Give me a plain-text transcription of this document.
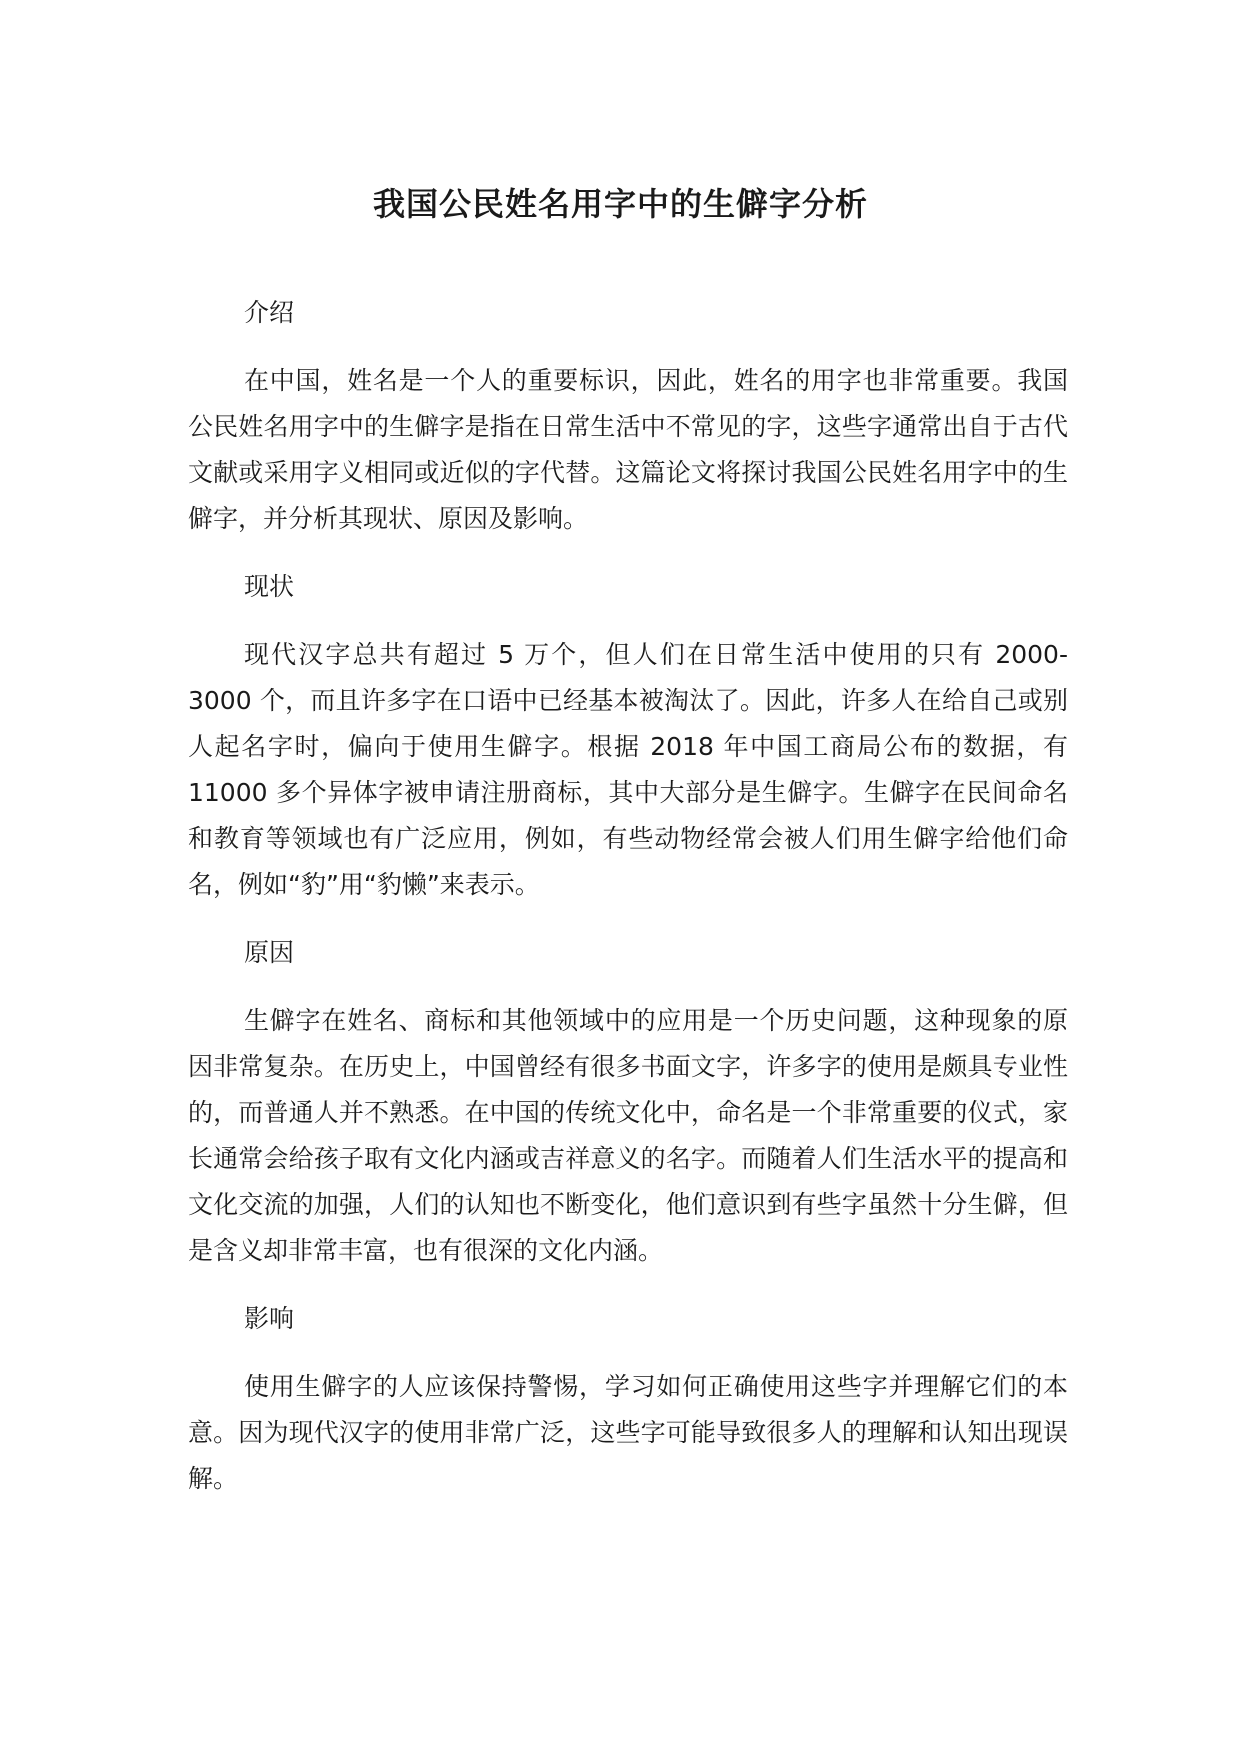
我国公民姓名用字中的生僻字分析
介绍

在中国，姓名是一个人的重要标识，因此，姓名的用字也非常重要。我国公民姓名用字中的生僻字是指在日常生活中不常见的字，这些字通常出自于古代文献或采用字义相同或近似的字代替。这篇论文将探讨我国公民姓名用字中的生僻字，并分析其现状、原因及影响。

现状

现代汉字总共有超过 5 万个，但人们在日常生活中使用的只有 2000-3000 个，而且许多字在口语中已经基本被淘汰了。因此，许多人在给自己或别人起名字时，偏向于使用生僻字。根据 2018 年中国工商局公布的数据，有 11000 多个异体字被申请注册商标，其中大部分是生僻字。生僻字在民间命名和教育等领域也有广泛应用，例如，有些动物经常会被人们用生僻字给他们命名，例如“豹”用“豹懒”来表示。

原因

生僻字在姓名、商标和其他领域中的应用是一个历史问题，这种现象的原因非常复杂。在历史上，中国曾经有很多书面文字，许多字的使用是颇具专业性的，而普通人并不熟悉。在中国的传统文化中，命名是一个非常重要的仪式，家长通常会给孩子取有文化内涵或吉祥意义的名字。而随着人们生活水平的提高和文化交流的加强，人们的认知也不断变化，他们意识到有些字虽然十分生僻，但是含义却非常丰富，也有很深的文化内涵。

影响

使用生僻字的人应该保持警惕，学习如何正确使用这些字并理解它们的本意。因为现代汉字的使用非常广泛，这些字可能导致很多人的理解和认知出现误解。
